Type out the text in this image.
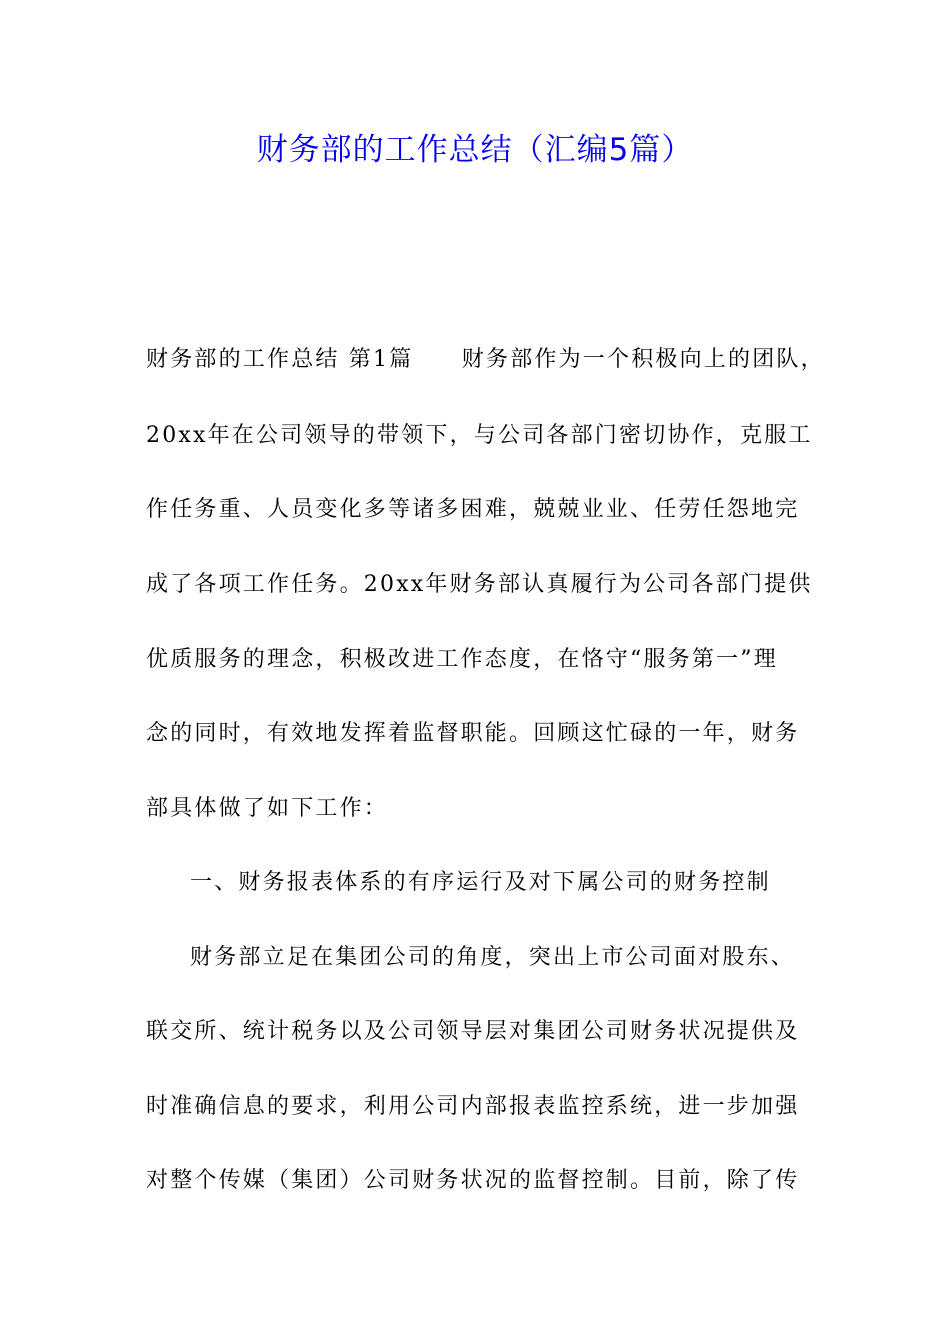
财务部的工作总结（汇编5篇）
财务部的工作总结 第1篇　　财务部作为一个积极向上的团队，
20xx年在公司领导的带领下，与公司各部门密切协作，克服工
作任务重、人员变化多等诸多困难，兢兢业业、任劳任怨地完
成了各项工作任务。20xx年财务部认真履行为公司各部门提供
优质服务的理念，积极改进工作态度，在恪守“服务第一”理
念的同时，有效地发挥着监督职能。回顾这忙碌的一年，财务
部具体做了如下工作：
一、财务报表体系的有序运行及对下属公司的财务控制
财务部立足在集团公司的角度，突出上市公司面对股东、
联交所、统计税务以及公司领导层对集团公司财务状况提供及
时准确信息的要求，利用公司内部报表监控系统，进一步加强
对整个传媒（集团）公司财务状况的监督控制。目前，除了传
